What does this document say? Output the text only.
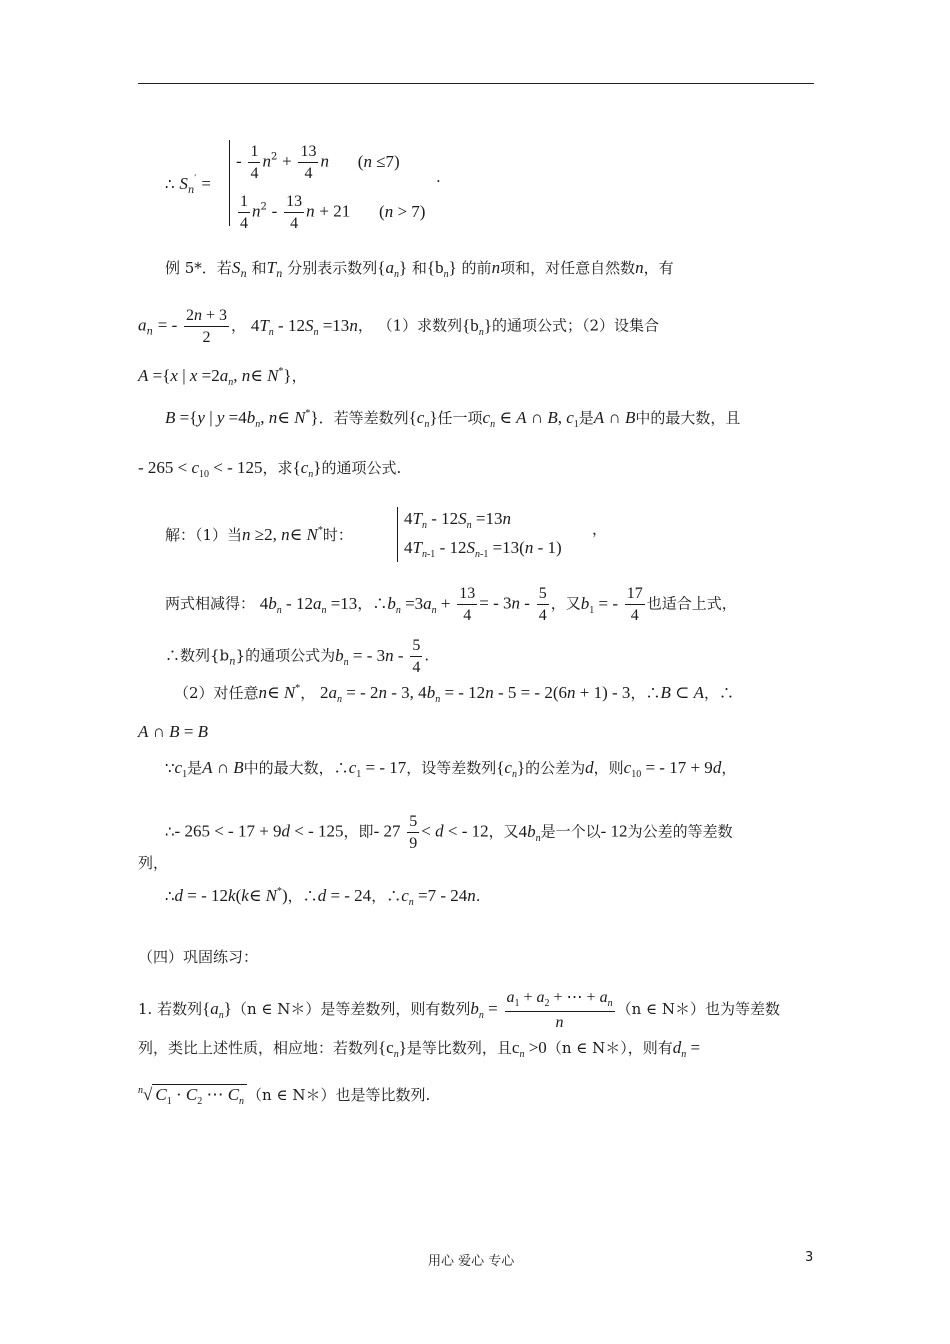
∴ $S_n'$ =
- $\frac{1}{4} n^2 + \frac{13}{4}$ n (n ≤7)
$\frac{1}{4} n^2 - \frac{13}{4}$ n + 21 (n > 7)
.
例 5*．若$S_n$ 和$T_n$ 分别表示数列$\{a_n\}$ 和$\{b_n\}$ 的前n项和，对任意自然数n，有
$a_n$ = - $\frac{2n + 3}{2}$ ， $4T_n - 12S_n =13n$， （1）求数列$\{b_n\}$的通项公式；（2）设集合
A ={x | $x =2a_n$, n∈ N*}，
B ={y | $y =4b_n$, n∈ N*}．若等差数列$\{c_n\}$任一项$c_n$ ∈ A ∩ B, $c_1$是A ∩ B中的最大数，且
- $265 < c_{10}$ < - 125，求$\{c_n\}$的通项公式.
解：（1）当n ≥2, n∈ N*时：
$4T_n - 12S_n =13n$
$4T_{n-1} - 12S_{n-1} =13(n - 1)$
，
两式相减得： $4b_n - 12a_n =13$，$\therefore b_n =3a_n + \frac{13}{4}$ = - $3n - \frac{5}{4}$ ，又$b_1$ = - $\frac{17}{4}$ 也适合上式，
∴数列$\{b_n\}$的通项公式为$b_n$ = - $3n - \frac{5}{4}$ .
（2）对任意n∈ N*， $2a_n$ = - 2n - 3, $4b_n$ = - 12n - 5 = - 2(6n + 1) - 3，∴B ⊂ A，∴
A ∩ B = B
$\because c_1$是A ∩ B中的最大数，$\therefore c_1$ = - 17，设等差数列$\{c_n\}$的公差为d，则$c_{10}$ = - 17 + 9d，
∴- 265 < - 17 + 9d < - 125，即- $27 \frac{5}{9} < d$ < - 12，又$4b_n$是一个以- 12为公差的等差数
列，
∴d = - 12k(k∈ N*)，∴d = - 24，$\therefore c_n =7 - 24n$.
（四）巩固练习：
1. 若数列$\{a_n\}(n$ ∈ N＊）是等差数列，则有数列$b_n = \frac{a_1 + a_2 + \cdots + a_n}{n} (n$ ∈ N＊）也为等差数
列，类比上述性质，相应地：若数列$\{c_n\}$是等比数列，且$c_n >0(n$ ∈ N＊），则有$d_n$ =
$^n$√ $C_1 \cdot C_2$ ⋯ $C_n$ （n ∈ N＊）也是等比数列.
用心 爱心 专心	3
